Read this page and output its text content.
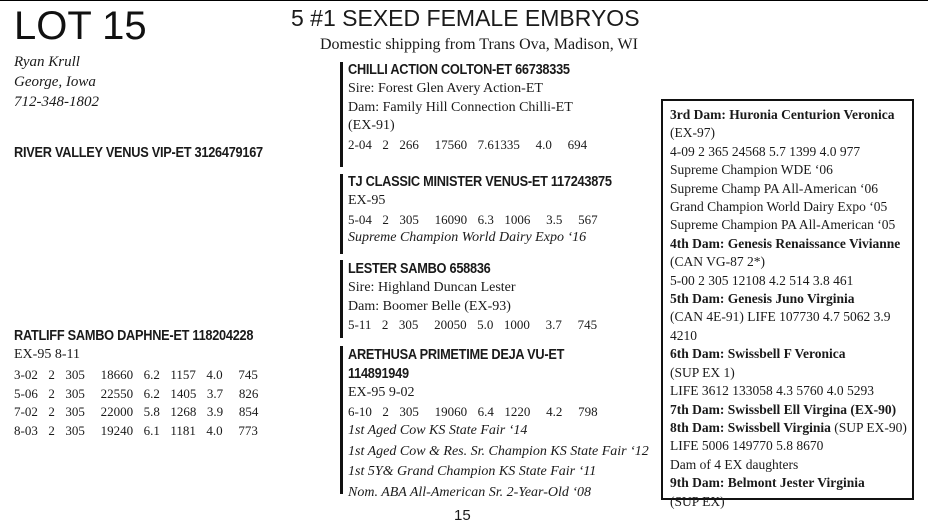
LOT 15
Ryan Krull
George, Iowa
712-348-1802
5 #1 SEXED FEMALE EMBRYOS
Domestic shipping from Trans Ova, Madison, WI
RIVER VALLEY VENUS VIP-ET 3126479167
RATLIFF SAMBO DAPHNE-ET 118204228
EX-95 8-11
3-02  2  305   18660  6.2  1157  4.0   745
5-06  2  305   22550  6.2  1405  3.7   826
7-02  2  305   22000  5.8  1268  3.9   854
8-03  2  305   19240  6.1  1181  4.0   773
CHILLI ACTION COLTON-ET 66738335
Sire: Forest Glen Avery Action-ET
Dam: Family Hill Connection Chilli-ET
(EX-91)
2-04  2  266   17560  7.61335   4.0   694
TJ CLASSIC MINISTER VENUS-ET 117243875
EX-95
5-04  2  305   16090  6.3  1006   3.5   567
Supreme Champion World Dairy Expo ‘16
LESTER SAMBO 658836
Sire: Highland Duncan Lester
Dam: Boomer Belle (EX-93)
5-11  2  305   20050  5.0  1000   3.7   745
ARETHUSA PRIMETIME DEJA VU-ET
114891949
EX-95 9-02
6-10  2  305   19060  6.4  1220   4.2   798
1st Aged Cow KS State Fair ‘14
1st Aged Cow & Res. Sr. Champion KS State Fair ‘12
1st 5Y& Grand Champion KS State Fair ‘11
Nom. ABA All-American Sr. 2-Year-Old ‘08
3rd Dam: Huronia Centurion Veronica
(EX-97)
4-09 2 365 24568 5.7 1399 4.0 977
Supreme Champion WDE ‘06
Supreme Champ PA All-American ‘06
Grand Champion World Dairy Expo ‘05
Supreme Champion PA All-American ‘05
4th Dam: Genesis Renaissance Vivianne
(CAN VG-87 2*)
5-00 2 305 12108 4.2 514 3.8 461
5th Dam: Genesis Juno Virginia
(CAN 4E-91) LIFE 107730 4.7 5062 3.9
4210
6th Dam: Swissbell F Veronica
(SUP EX 1)
LIFE 3612 133058 4.3 5760 4.0 5293
7th Dam: Swissbell Ell Virgina (EX-90)
8th Dam: Swissbell Virginia (SUP EX-90)
LIFE 5006 149770 5.8 8670
Dam of 4 EX daughters
9th Dam: Belmont Jester Virginia
(SUP EX)
15
